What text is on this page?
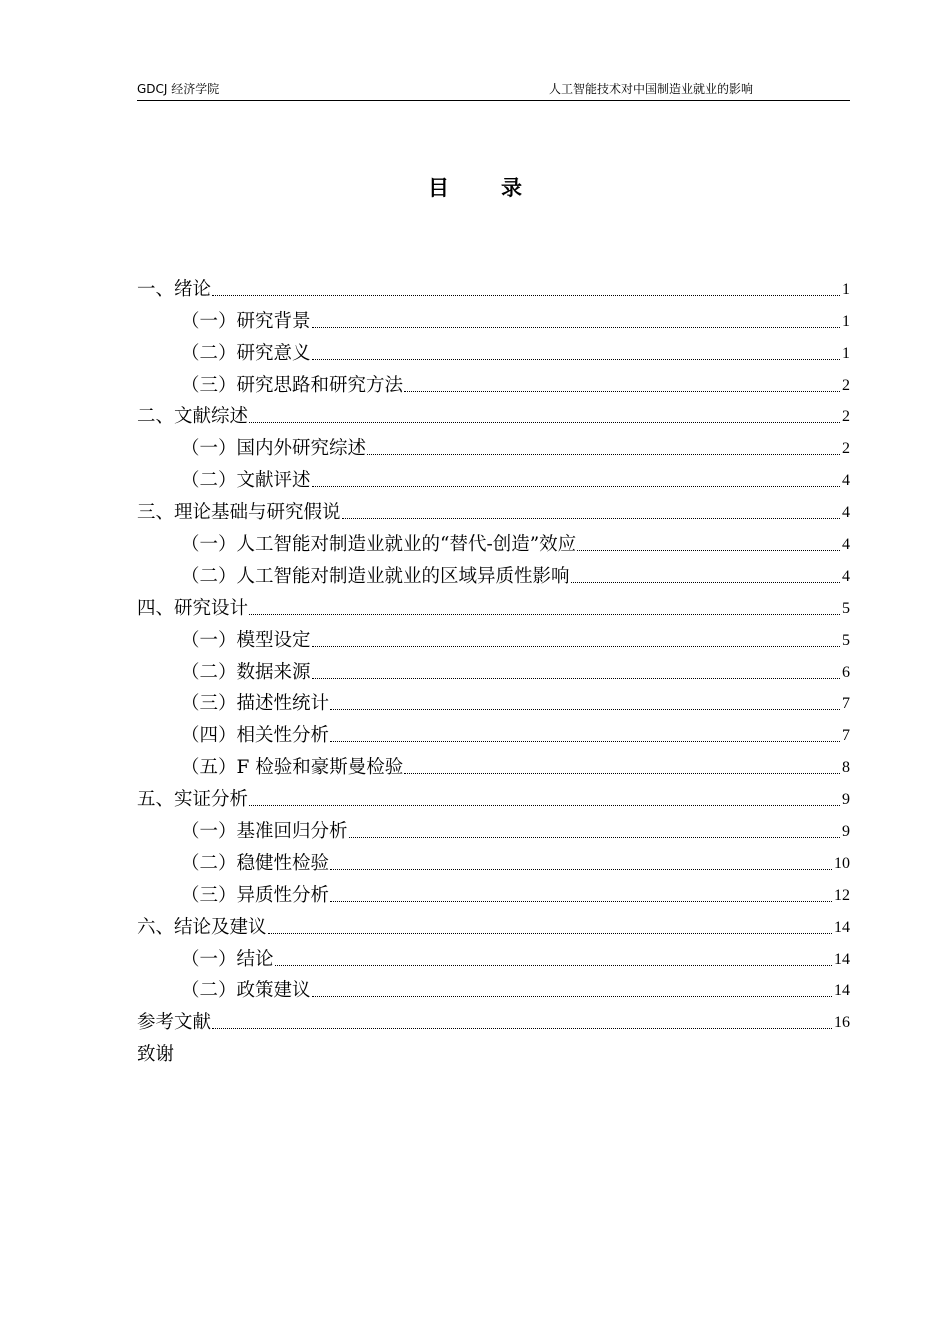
GDCJ 经济学院	人工智能技术对中国制造业就业的影响
目 录
一、绪论	1
（一）研究背景	1
（二）研究意义	1
（三）研究思路和研究方法	2
二、文献综述	2
（一）国内外研究综述	2
（二）文献评述	4
三、理论基础与研究假说	4
（一）人工智能对制造业就业的“替代-创造”效应	4
（二）人工智能对制造业就业的区域异质性影响	4
四、研究设计	5
（一）模型设定	5
（二）数据来源	6
（三）描述性统计	7
（四）相关性分析	7
（五）F 检验和豪斯曼检验	8
五、实证分析	9
（一）基准回归分析	9
（二）稳健性检验	10
（三）异质性分析	12
六、结论及建议	14
（一）结论	14
（二）政策建议	14
参考文献	16
致谢
